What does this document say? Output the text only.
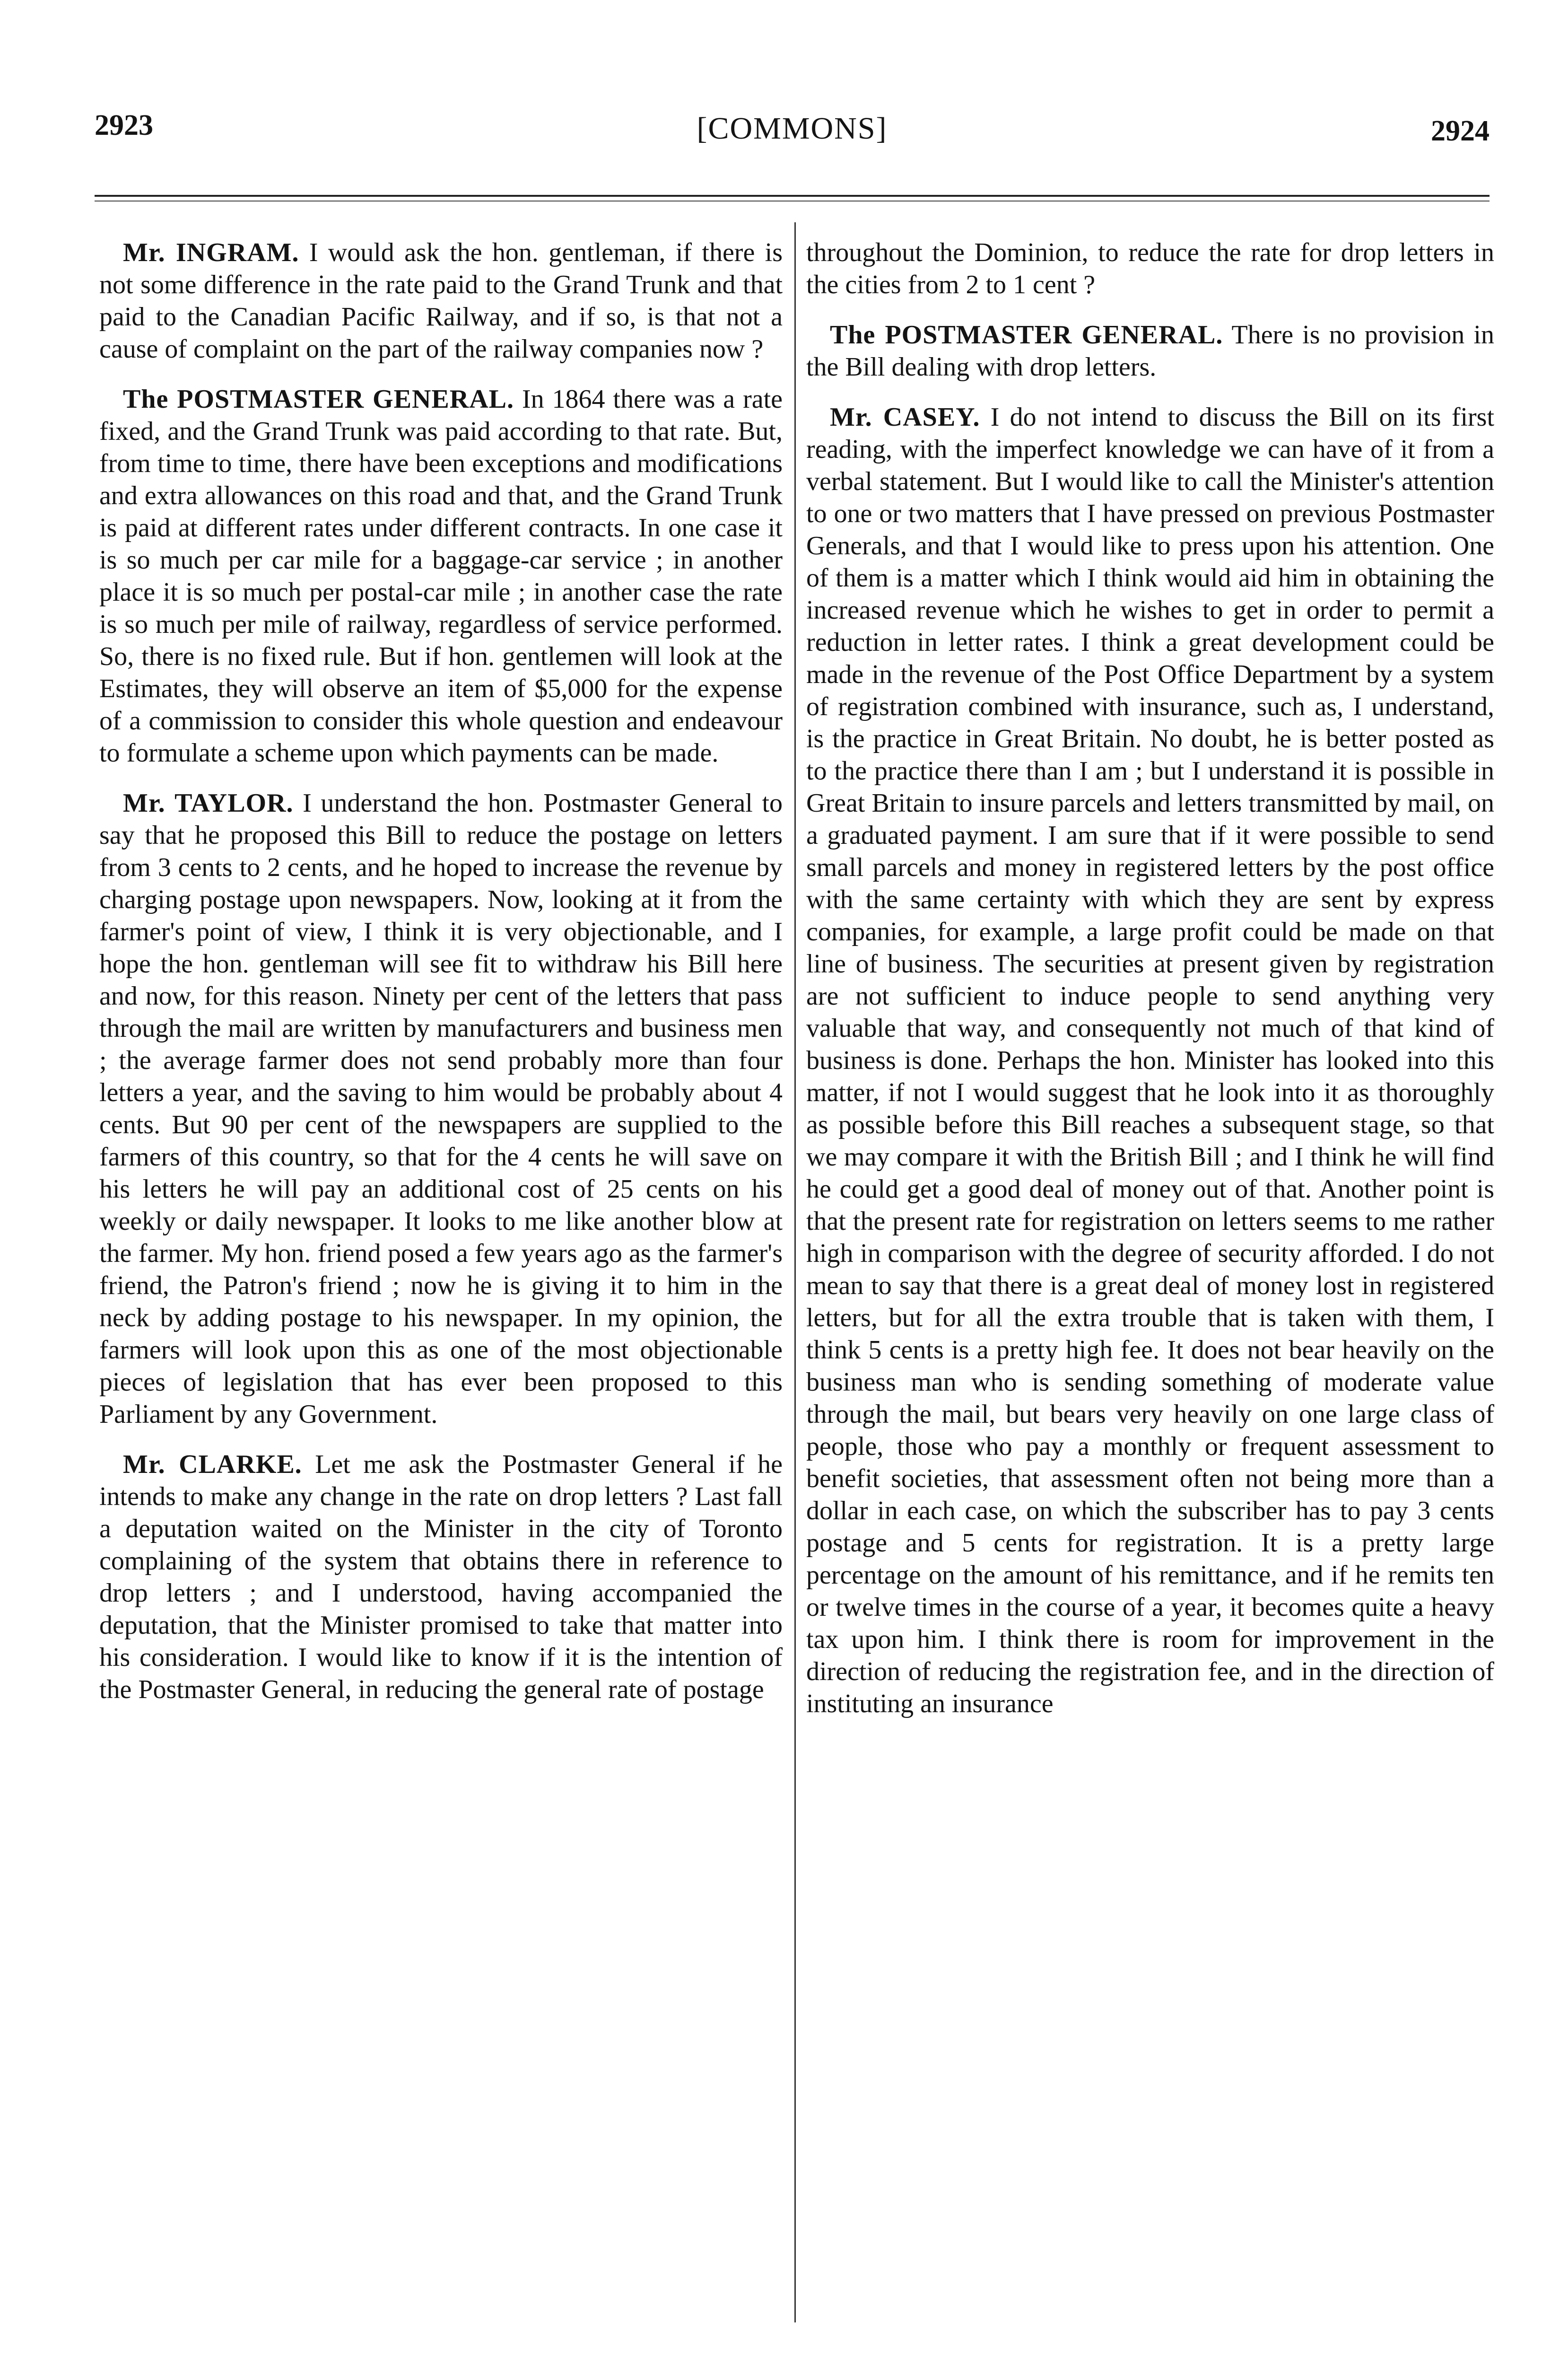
2923	[COMMONS]	2924

Mr. INGRAM. I would ask the hon. gentleman, if there is not some difference in the rate paid to the Grand Trunk and that paid to the Canadian Pacific Railway, and if so, is that not a cause of complaint on the part of the railway companies now ?

The POSTMASTER GENERAL. In 1864 there was a rate fixed, and the Grand Trunk was paid according to that rate. But, from time to time, there have been exceptions and modifications and extra allowances on this road and that, and the Grand Trunk is paid at different rates under different contracts. In one case it is so much per car mile for a baggage-car service ; in another place it is so much per postal-car mile ; in another case the rate is so much per mile of railway, regardless of service performed. So, there is no fixed rule. But if hon. gentlemen will look at the Estimates, they will observe an item of $5,000 for the expense of a commission to consider this whole question and endeavour to formulate a scheme upon which payments can be made.

Mr. TAYLOR. I understand the hon. Postmaster General to say that he proposed this Bill to reduce the postage on letters from 3 cents to 2 cents, and he hoped to increase the revenue by charging postage upon newspapers. Now, looking at it from the farmer's point of view, I think it is very objectionable, and I hope the hon. gentleman will see fit to withdraw his Bill here and now, for this reason. Ninety per cent of the letters that pass through the mail are written by manufacturers and business men ; the average farmer does not send probably more than four letters a year, and the saving to him would be probably about 4 cents. But 90 per cent of the newspapers are supplied to the farmers of this country, so that for the 4 cents he will save on his letters he will pay an additional cost of 25 cents on his weekly or daily newspaper. It looks to me like another blow at the farmer. My hon. friend posed a few years ago as the farmer's friend, the Patron's friend ; now he is giving it to him in the neck by adding postage to his newspaper. In my opinion, the farmers will look upon this as one of the most objectionable pieces of legislation that has ever been proposed to this Parliament by any Government.

Mr. CLARKE. Let me ask the Postmaster General if he intends to make any change in the rate on drop letters ? Last fall a deputation waited on the Minister in the city of Toronto complaining of the system that obtains there in reference to drop letters ; and I understood, having accompanied the deputation, that the Minister promised to take that matter into his consideration. I would like to know if it is the intention of the Postmaster General, in reducing the general rate of postage

throughout the Dominion, to reduce the rate for drop letters in the cities from 2 to 1 cent ?

The POSTMASTER GENERAL. There is no provision in the Bill dealing with drop letters.

Mr. CASEY. I do not intend to discuss the Bill on its first reading, with the imperfect knowledge we can have of it from a verbal statement. But I would like to call the Minister's attention to one or two matters that I have pressed on previous Postmaster Generals, and that I would like to press upon his attention. One of them is a matter which I think would aid him in obtaining the increased revenue which he wishes to get in order to permit a reduction in letter rates. I think a great development could be made in the revenue of the Post Office Department by a system of registration combined with insurance, such as, I understand, is the practice in Great Britain. No doubt, he is better posted as to the practice there than I am ; but I understand it is possible in Great Britain to insure parcels and letters transmitted by mail, on a graduated payment. I am sure that if it were possible to send small parcels and money in registered letters by the post office with the same certainty with which they are sent by express companies, for example, a large profit could be made on that line of business. The securities at present given by registration are not sufficient to induce people to send anything very valuable that way, and consequently not much of that kind of business is done. Perhaps the hon. Minister has looked into this matter, if not I would suggest that he look into it as thoroughly as possible before this Bill reaches a subsequent stage, so that we may compare it with the British Bill ; and I think he will find he could get a good deal of money out of that. Another point is that the present rate for registration on letters seems to me rather high in comparison with the degree of security afforded. I do not mean to say that there is a great deal of money lost in registered letters, but for all the extra trouble that is taken with them, I think 5 cents is a pretty high fee. It does not bear heavily on the business man who is sending something of moderate value through the mail, but bears very heavily on one large class of people, those who pay a monthly or frequent assessment to benefit societies, that assessment often not being more than a dollar in each case, on which the subscriber has to pay 3 cents postage and 5 cents for registration. It is a pretty large percentage on the amount of his remittance, and if he remits ten or twelve times in the course of a year, it becomes quite a heavy tax upon him. I think there is room for improvement in the direction of reducing the registration fee, and in the direction of instituting an insurance
